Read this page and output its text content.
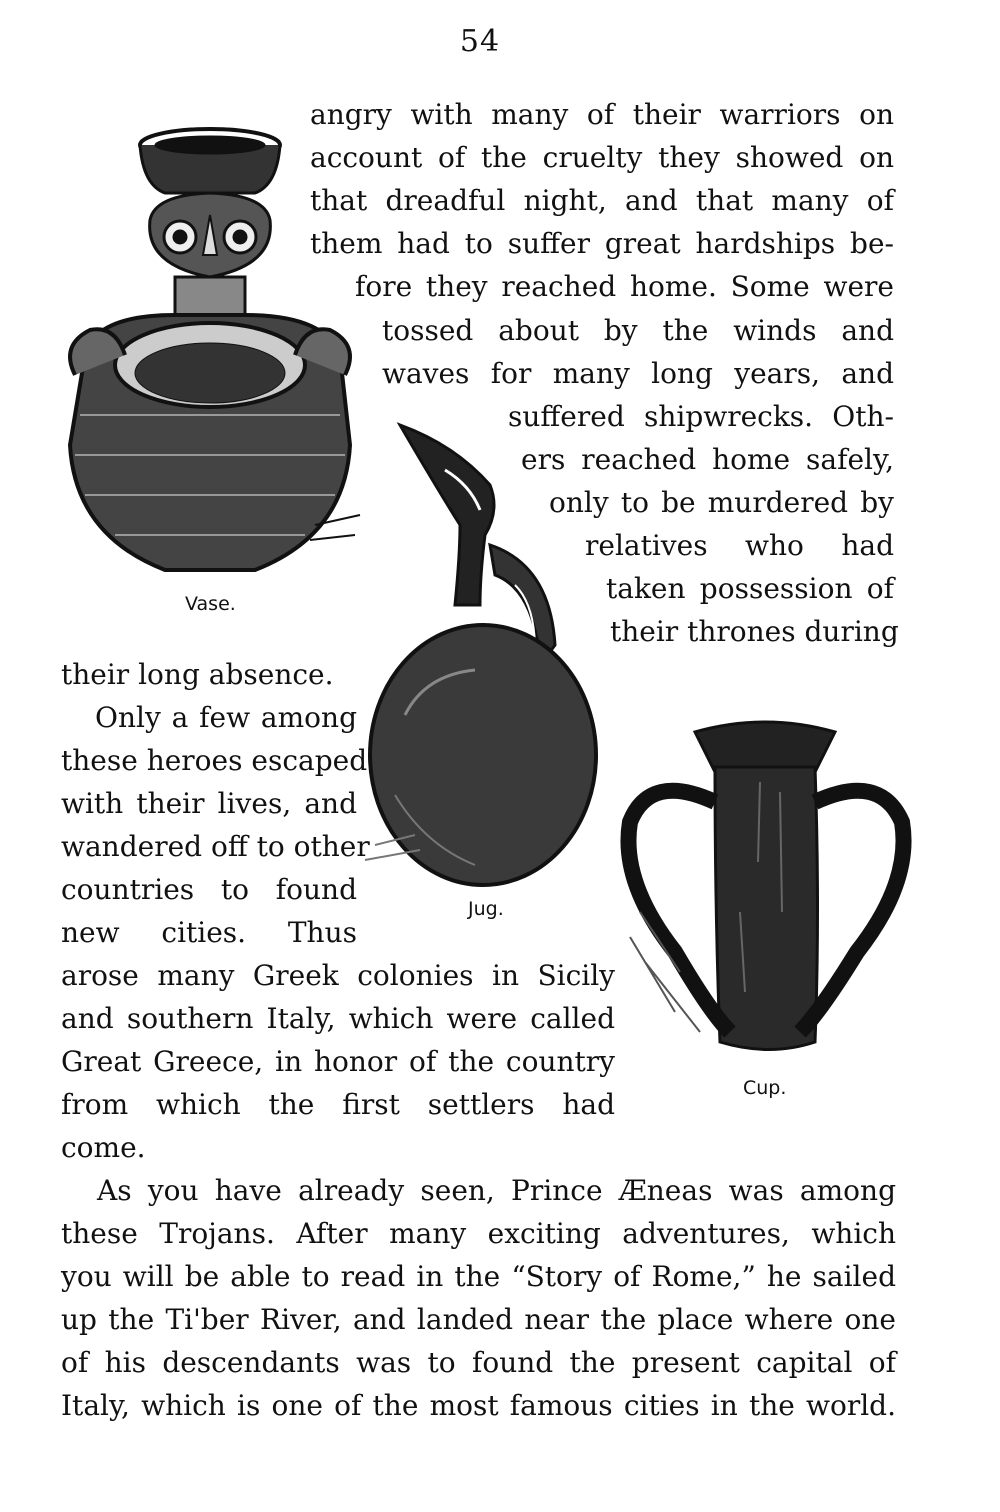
54
Vase.
Jug.
Cup.
angry with many of their warriors on
account of the cruelty they showed on
that dreadful night, and that many of
them had to suffer great hardships be-
fore they reached home. Some were
tossed about by the winds and
waves for many long years, and
suffered shipwrecks. Oth-
ers reached home safely,
only to be murdered by
relatives who had
taken possession of
their thrones during
their long absence.
Only a few among
these heroes escaped
with their lives, and
wandered off to other
countries to found
new cities. Thus
arose many Greek colonies in Sicily
and southern Italy, which were called
Great Greece, in honor of the country
from which the first settlers had
come.
As you have already seen, Prince Æneas was among
these Trojans. After many exciting adventures, which
you will be able to read in the “Story of Rome,” he sailed
up the Ti'ber River, and landed near the place where one
of his descendants was to found the present capital of
Italy, which is one of the most famous cities in the world.
